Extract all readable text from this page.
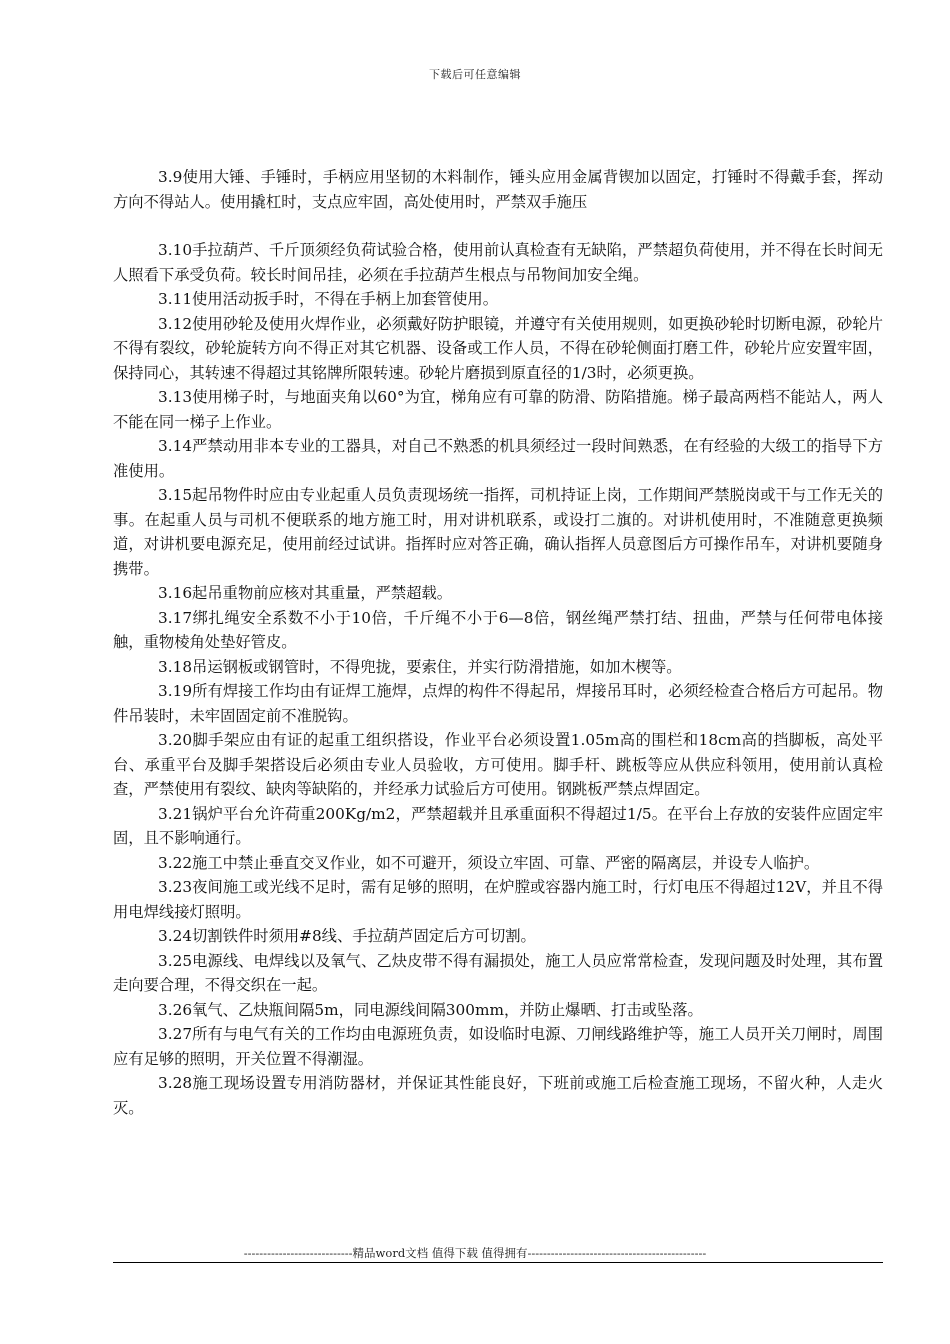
下载后可任意编辑

3.9使用大锤、手锤时，手柄应用坚韧的木料制作，锤头应用金属背锲加以固定，打锤时不得戴手套，挥动方向不得站人。使用撬杠时，支点应牢固，高处使用时，严禁双手施压

3.10手拉葫芦、千斤顶须经负荷试验合格，使用前认真检查有无缺陷，严禁超负荷使用，并不得在长时间无人照看下承受负荷。较长时间吊挂，必须在手拉葫芦生根点与吊物间加安全绳。

3.11使用活动扳手时，不得在手柄上加套管使用。

3.12使用砂轮及使用火焊作业，必须戴好防护眼镜，并遵守有关使用规则，如更换砂轮时切断电源，砂轮片不得有裂纹，砂轮旋转方向不得正对其它机器、设备或工作人员，不得在砂轮侧面打磨工件，砂轮片应安置牢固，保持同心，其转速不得超过其铭牌所限转速。砂轮片磨损到原直径的1/3时，必须更换。

3.13使用梯子时，与地面夹角以60°为宜，梯角应有可靠的防滑、防陷措施。梯子最高两档不能站人，两人不能在同一梯子上作业。

3.14严禁动用非本专业的工器具，对自己不熟悉的机具须经过一段时间熟悉，在有经验的大级工的指导下方准使用。

3.15起吊物件时应由专业起重人员负责现场统一指挥，司机持证上岗，工作期间严禁脱岗或干与工作无关的事。在起重人员与司机不便联系的地方施工时，用对讲机联系，或设打二旗的。对讲机使用时，不准随意更换频道，对讲机要电源充足，使用前经过试讲。指挥时应对答正确，确认指挥人员意图后方可操作吊车，对讲机要随身携带。

3.16起吊重物前应核对其重量，严禁超载。

3.17绑扎绳安全系数不小于10倍，千斤绳不小于6—8倍，钢丝绳严禁打结、扭曲，严禁与任何带电体接触，重物棱角处垫好管皮。

3.18吊运钢板或钢管时，不得兜拢，要索住，并实行防滑措施，如加木楔等。

3.19所有焊接工作均由有证焊工施焊，点焊的构件不得起吊，焊接吊耳时，必须经检查合格后方可起吊。物件吊装时，未牢固固定前不准脱钩。

3.20脚手架应由有证的起重工组织搭设，作业平台必须设置1.05m高的围栏和18cm高的挡脚板，高处平台、承重平台及脚手架搭设后必须由专业人员验收，方可使用。脚手杆、跳板等应从供应科领用，使用前认真检查，严禁使用有裂纹、缺肉等缺陷的，并经承力试验后方可使用。钢跳板严禁点焊固定。

3.21锅炉平台允许荷重200Kg/m2，严禁超载并且承重面积不得超过1/5。在平台上存放的安装件应固定牢固，且不影响通行。

3.22施工中禁止垂直交叉作业，如不可避开，须设立牢固、可靠、严密的隔离层，并设专人临护。

3.23夜间施工或光线不足时，需有足够的照明，在炉膛或容器内施工时，行灯电压不得超过12V，并且不得用电焊线接灯照明。

3.24切割铁件时须用#8线、手拉葫芦固定后方可切割。

3.25电源线、电焊线以及氧气、乙炔皮带不得有漏损处，施工人员应常常检查，发现问题及时处理，其布置走向要合理，不得交织在一起。

3.26氧气、乙炔瓶间隔5m，同电源线间隔300mm，并防止爆晒、打击或坠落。

3.27所有与电气有关的工作均由电源班负责，如设临时电源、刀闸线路维护等，施工人员开关刀闸时，周围应有足够的照明，开关位置不得潮湿。

3.28施工现场设置专用消防器材，并保证其性能良好，下班前或施工后检查施工现场，不留火种，人走火灭。

----------------------------精品word文档 值得下载 值得拥有----------------------------------------------
